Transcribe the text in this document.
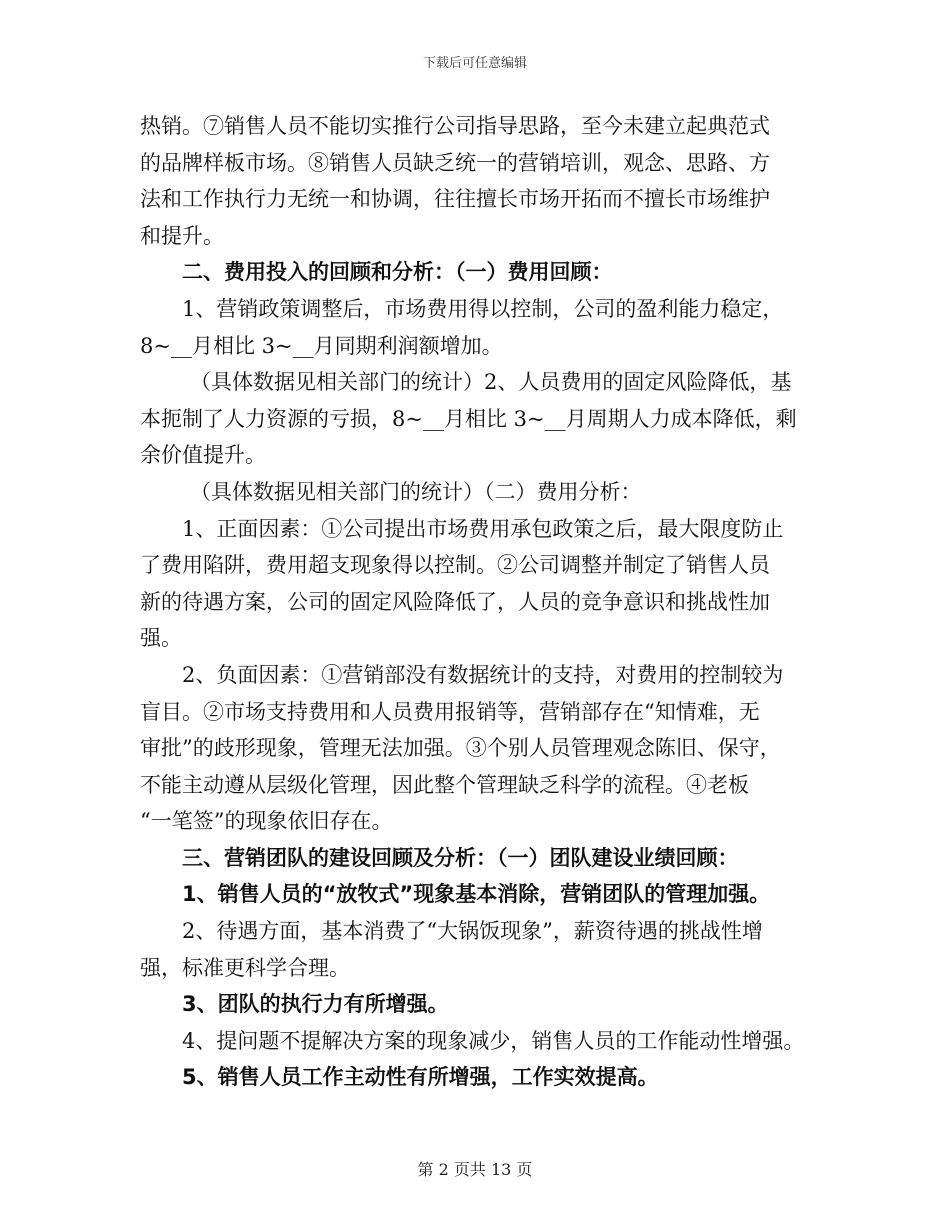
下载后可任意编辑
热销。⑦销售人员不能切实推行公司指导思路，至今未建立起典范式
的品牌样板市场。⑧销售人员缺乏统一的营销培训，观念、思路、方
法和工作执行力无统一和协调，往往擅长市场开拓而不擅长市场维护
和提升。
二、费用投入的回顾和分析：（一）费用回顾：
1、营销政策调整后，市场费用得以控制，公司的盈利能力稳定，
8~__月相比 3~__月同期利润额增加。
（具体数据见相关部门的统计）2、人员费用的固定风险降低，基
本扼制了人力资源的亏损，8~__月相比 3~__月周期人力成本降低，剩
余价值提升。
（具体数据见相关部门的统计）（二）费用分析：
1、正面因素：①公司提出市场费用承包政策之后，最大限度防止
了费用陷阱，费用超支现象得以控制。②公司调整并制定了销售人员
新的待遇方案，公司的固定风险降低了，人员的竞争意识和挑战性加
强。
2、负面因素：①营销部没有数据统计的支持，对费用的控制较为
盲目。②市场支持费用和人员费用报销等，营销部存在“知情难，无
审批”的歧形现象，管理无法加强。③个别人员管理观念陈旧、保守，
不能主动遵从层级化管理，因此整个管理缺乏科学的流程。④老板
“一笔签”的现象依旧存在。
三、营销团队的建设回顾及分析：（一）团队建设业绩回顾：
1、销售人员的“放牧式”现象基本消除，营销团队的管理加强。
2、待遇方面，基本消费了“大锅饭现象”，薪资待遇的挑战性增
强，标准更科学合理。
3、团队的执行力有所增强。
4、提问题不提解决方案的现象减少，销售人员的工作能动性增强。
5、销售人员工作主动性有所增强，工作实效提高。
第 2 页共 13 页
